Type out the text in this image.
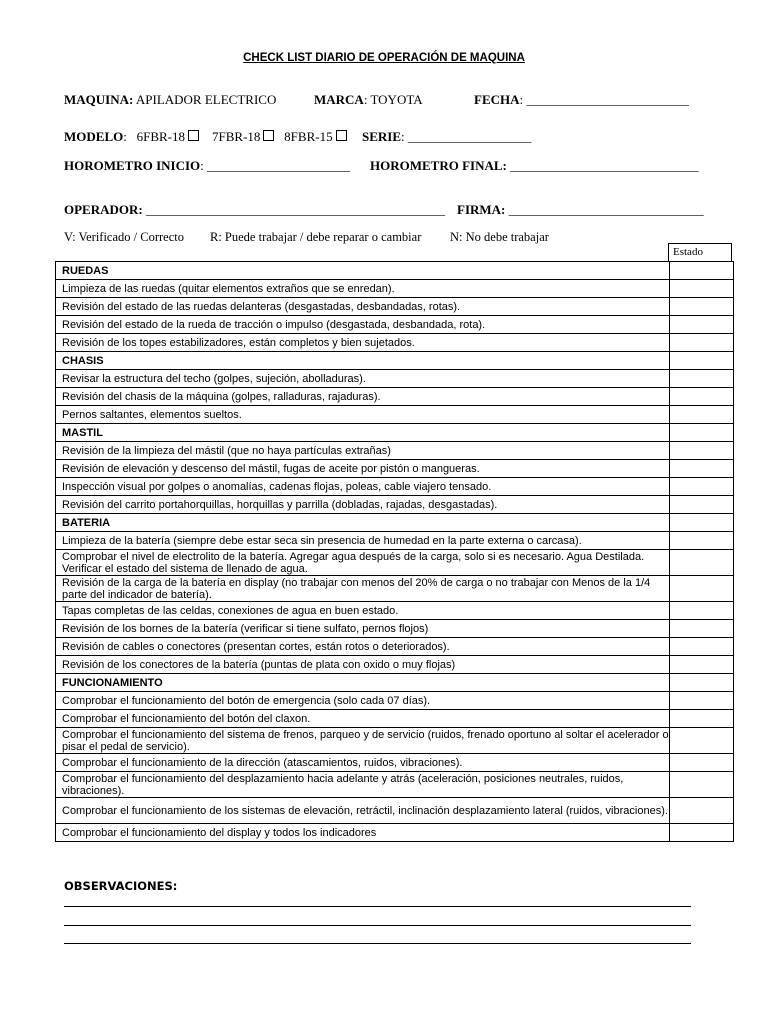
CHECK LIST DIARIO DE OPERACIÓN DE MAQUINA
MAQUINA: APILADOR ELECTRICO	MARCA: TOYOTA	FECHA: _________________________
MODELO: 6FBR-18 7FBR-18 8FBR-15	SERIE: ___________________
HOROMETRO INICIO: ______________________ HOROMETRO FINAL: _____________________________
OPERADOR: ______________________________________________ FIRMA: ______________________________
V: Verificado / Correcto R: Puede trabajar / debe reparar o cambiar N: No debe trabajar
Estado
RUEDAS	
Limpieza de las ruedas (quitar elementos extraños que se enredan).	
Revisión del estado de las ruedas delanteras (desgastadas, desbandadas, rotas).	
Revisión del estado de la rueda de tracción o impulso (desgastada, desbandada, rota).	
Revisión de los topes estabilizadores, están completos y bien sujetados.	
CHASIS	
Revisar la estructura del techo (golpes, sujeción, abolladuras).	
Revisión del chasis de la máquina (golpes, ralladuras, rajaduras).	
Pernos saltantes, elementos sueltos.	
MASTIL	
Revisión de la limpieza del mástil (que no haya partículas extrañas)	
Revisión de elevación y descenso del mástil, fugas de aceite por pistón o mangueras.	
Inspección visual por golpes o anomalías, cadenas flojas, poleas, cable viajero tensado.	
Revisión del carrito portahorquillas, horquillas y parrilla (dobladas, rajadas, desgastadas).	
BATERIA	
Limpieza de la batería (siempre debe estar seca sin presencia de humedad en la parte externa o carcasa).	
Comprobar el nivel de electrolito de la batería. Agregar agua después de la carga, solo si es necesario. Agua Destilada. Verificar el estado del sistema de llenado de agua.	
Revisión de la carga de la batería en display (no trabajar con menos del 20% de carga o no trabajar con Menos de la 1/4 parte del indicador de batería).	
Tapas completas de las celdas, conexiones de agua en buen estado.	
Revisión de los bornes de la batería (verificar si tiene sulfato, pernos flojos)	
Revisión de cables o conectores (presentan cortes, están rotos o deteriorados).	
Revisión de los conectores de la batería (puntas de plata con oxido o muy flojas)	
FUNCIONAMIENTO	
Comprobar el funcionamiento del botón de emergencia (solo cada 07 días).	
Comprobar el funcionamiento del botón del claxon.	
Comprobar el funcionamiento del sistema de frenos, parqueo y de servicio (ruidos, frenado oportuno al soltar el acelerador o pisar el pedal de servicio).	
Comprobar el funcionamiento de la dirección (atascamientos, ruidos, vibraciones).	
Comprobar el funcionamiento del desplazamiento hacia adelante y atrás (aceleración, posiciones neutrales, ruidos, vibraciones).	
Comprobar el funcionamiento de los sistemas de elevación, retráctil, inclinación desplazamiento lateral (ruidos, vibraciones).	
Comprobar el funcionamiento del display y todos los indicadores	
OBSERVACIONES:
